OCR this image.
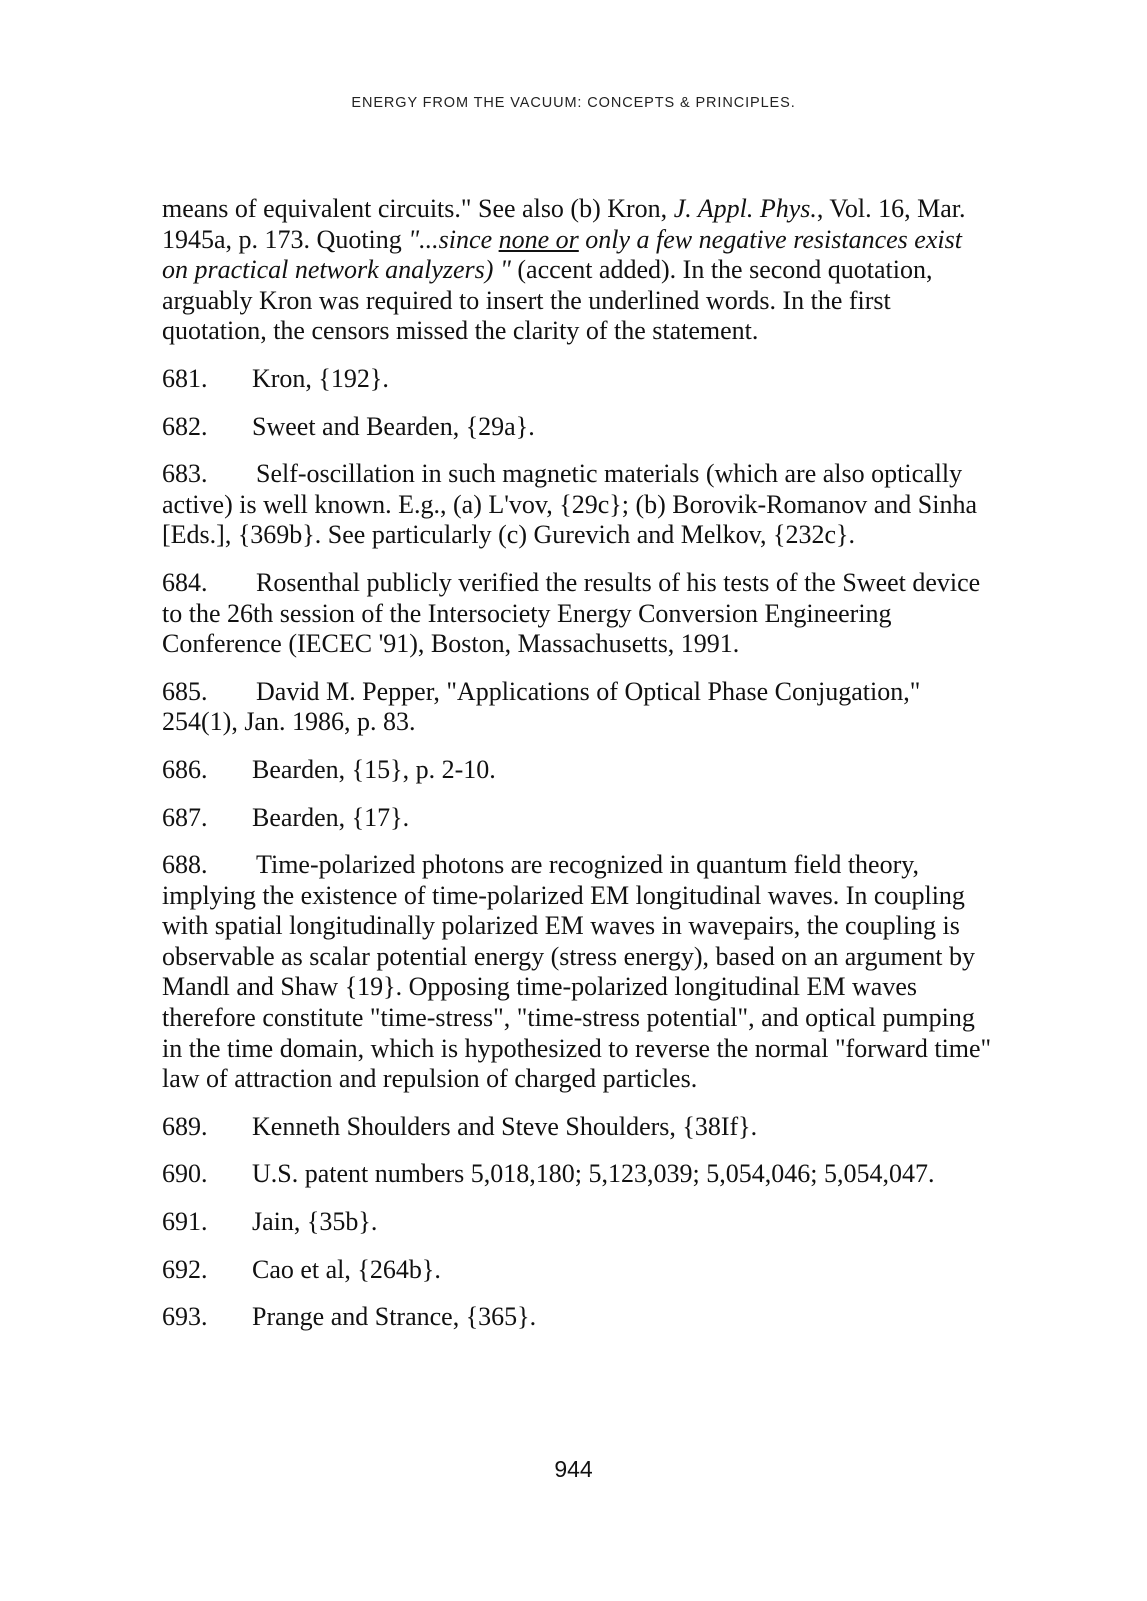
ENERGY FROM THE VACUUM: CONCEPTS & PRINCIPLES.

means of equivalent circuits." See also (b) Kron, J. Appl. Phys., Vol. 16, Mar. 1945a, p. 173. Quoting "...since none or only a few negative resistances exist on practical network analyzers) " (accent added). In the second quotation, arguably Kron was required to insert the underlined words. In the first quotation, the censors missed the clarity of the statement.

681. Kron, {192}.

682. Sweet and Bearden, {29a}.

683. Self-oscillation in such magnetic materials (which are also optically active) is well known. E.g., (a) L'vov, {29c}; (b) Borovik-Romanov and Sinha [Eds.], {369b}. See particularly (c) Gurevich and Melkov, {232c}.

684. Rosenthal publicly verified the results of his tests of the Sweet device to the 26th session of the Intersociety Energy Conversion Engineering Conference (IECEC '91), Boston, Massachusetts, 1991.

685. David M. Pepper, "Applications of Optical Phase Conjugation," 254(1), Jan. 1986, p. 83.

686. Bearden, {15}, p. 2-10.

687. Bearden, {17}.

688. Time-polarized photons are recognized in quantum field theory, implying the existence of time-polarized EM longitudinal waves. In coupling with spatial longitudinally polarized EM waves in wavepairs, the coupling is observable as scalar potential energy (stress energy), based on an argument by Mandl and Shaw {19}. Opposing time-polarized longitudinal EM waves therefore constitute "time-stress", "time-stress potential", and optical pumping in the time domain, which is hypothesized to reverse the normal "forward time" law of attraction and repulsion of charged particles.

689. Kenneth Shoulders and Steve Shoulders, {38If}.

690. U.S. patent numbers 5,018,180; 5,123,039; 5,054,046; 5,054,047.

691. Jain, {35b}.

692. Cao et al, {264b}.

693. Prange and Strance, {365}.

944
